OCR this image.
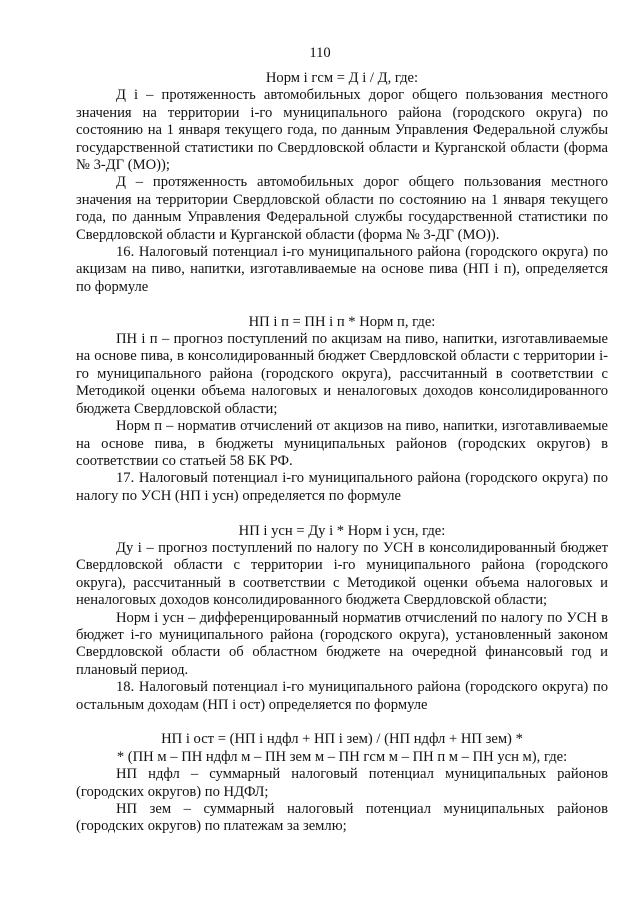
110

Норм i гсм = Д i / Д, где:

Д i – протяженность автомобильных дорог общего пользования местного значения на территории i-го муниципального района (городского округа) по состоянию на 1 января текущего года, по данным Управления Федеральной службы государственной статистики по Свердловской области и Курганской области (форма № 3-ДГ (МО));

Д – протяженность автомобильных дорог общего пользования местного значения на территории Свердловской области по состоянию на 1 января текущего года, по данным Управления Федеральной службы государственной статистики по Свердловской области и Курганской области (форма № 3-ДГ (МО)).

16. Налоговый потенциал i-го муниципального района (городского округа) по акцизам на пиво, напитки, изготавливаемые на основе пива (НП i п), определяется по формуле

НП i п = ПН i п * Норм п, где:

ПН i п – прогноз поступлений по акцизам на пиво, напитки, изготавливаемые на основе пива, в консолидированный бюджет Свердловской области с территории i-го муниципального района (городского округа), рассчитанный в соответствии с Методикой оценки объема налоговых и неналоговых доходов консолидированного бюджета Свердловской области;

Норм п – норматив отчислений от акцизов на пиво, напитки, изготавливаемые на основе пива, в бюджеты муниципальных районов (городских округов) в соответствии со статьей 58 БК РФ.

17. Налоговый потенциал i-го муниципального района (городского округа) по налогу по УСН (НП i усн) определяется по формуле

НП i усн = Ду i * Норм i усн, где:

Ду i – прогноз поступлений по налогу по УСН в консолидированный бюджет Свердловской области с территории i-го муниципального района (городского округа), рассчитанный в соответствии с Методикой оценки объема налоговых и неналоговых доходов консолидированного бюджета Свердловской области;

Норм i усн – дифференцированный норматив отчислений по налогу по УСН в бюджет i-го муниципального района (городского округа), установленный законом Свердловской области об областном бюджете на очередной финансовый год и плановый период.

18. Налоговый потенциал i-го муниципального района (городского округа) по остальным доходам (НП i ост) определяется по формуле

НП i ост = (НП i ндфл + НП i зем) / (НП ндфл + НП зем) *

* (ПН м – ПН ндфл м – ПН зем м – ПН гсм м – ПН п м – ПН усн м), где:

НП ндфл – суммарный налоговый потенциал муниципальных районов (городских округов) по НДФЛ;

НП зем – суммарный налоговый потенциал муниципальных районов (городских округов) по платежам за землю;
